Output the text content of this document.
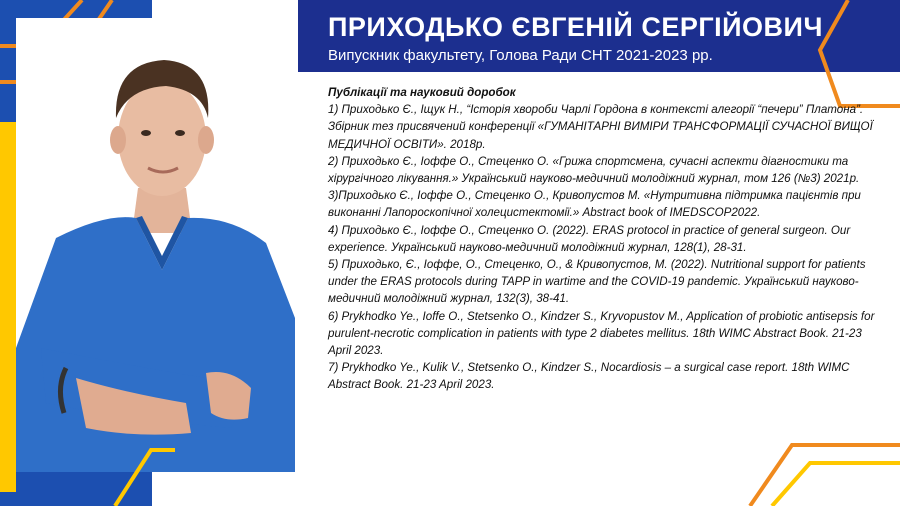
ПРИХОДЬКО ЄВГЕНІЙ СЕРГІЙОВИЧ

Випускник факультету, Голова Ради СНТ 2021-2023 рр.

Публікації та науковий доробок

1) Приходько Є., Іщук Н., “Історія хвороби Чарлі Гордона в контексті алегорії “печери” Платона”. Збірник тез присвячений конференції «ГУМАНІТАРНІ ВИМІРИ ТРАНСФОРМАЦІЇ СУЧАСНОЇ ВИЩОЇ МЕДИЧНОЇ ОСВІТИ». 2018р.

2) Приходько Є., Іоффе О., Стеценко О. «Грижа спортсмена, сучасні аспекти діагностики та хірургічного лікування.» Український науково-медичний молодіжний журнал, том 126 (№3) 2021р.

3)Приходько Є., Іоффе О., Стеценко О., Кривопустов М. «Нутритивна підтримка пацієнтів при виконанні Лапороскопічної холецистектомії.» Abstract book of IMEDSCOP2022.

4) Приходько Є., Іоффе О., Стеценко О. (2022). ERAS protocol in practice of general surgeon. Our experience. Український науково-медичний молодіжний журнал, 128(1), 28-31.

5) Приходько, Є., Іоффе, О., Стеценко, О., & Кривопустов, М. (2022). Nutritional support for patients under the ERAS protocols during TAPP in wartime and the COVID-19 pandemic. Український науково-медичний молодіжний журнал, 132(3), 38-41.

6) Prykhodko Ye., Ioffe O., Stetsenko O., Kindzer S., Kryvopustov M., Application of probiotic antisepsis for purulent-necrotic complication in patients with type 2 diabetes mellitus. 18th WIMC Abstract Book. 21-23 April 2023.

7) Prykhodko Ye., Kulik V., Stetsenko O., Kindzer S., Nocardiosis – a surgical case report. 18th WIMC Abstract Book. 21-23 April 2023.
